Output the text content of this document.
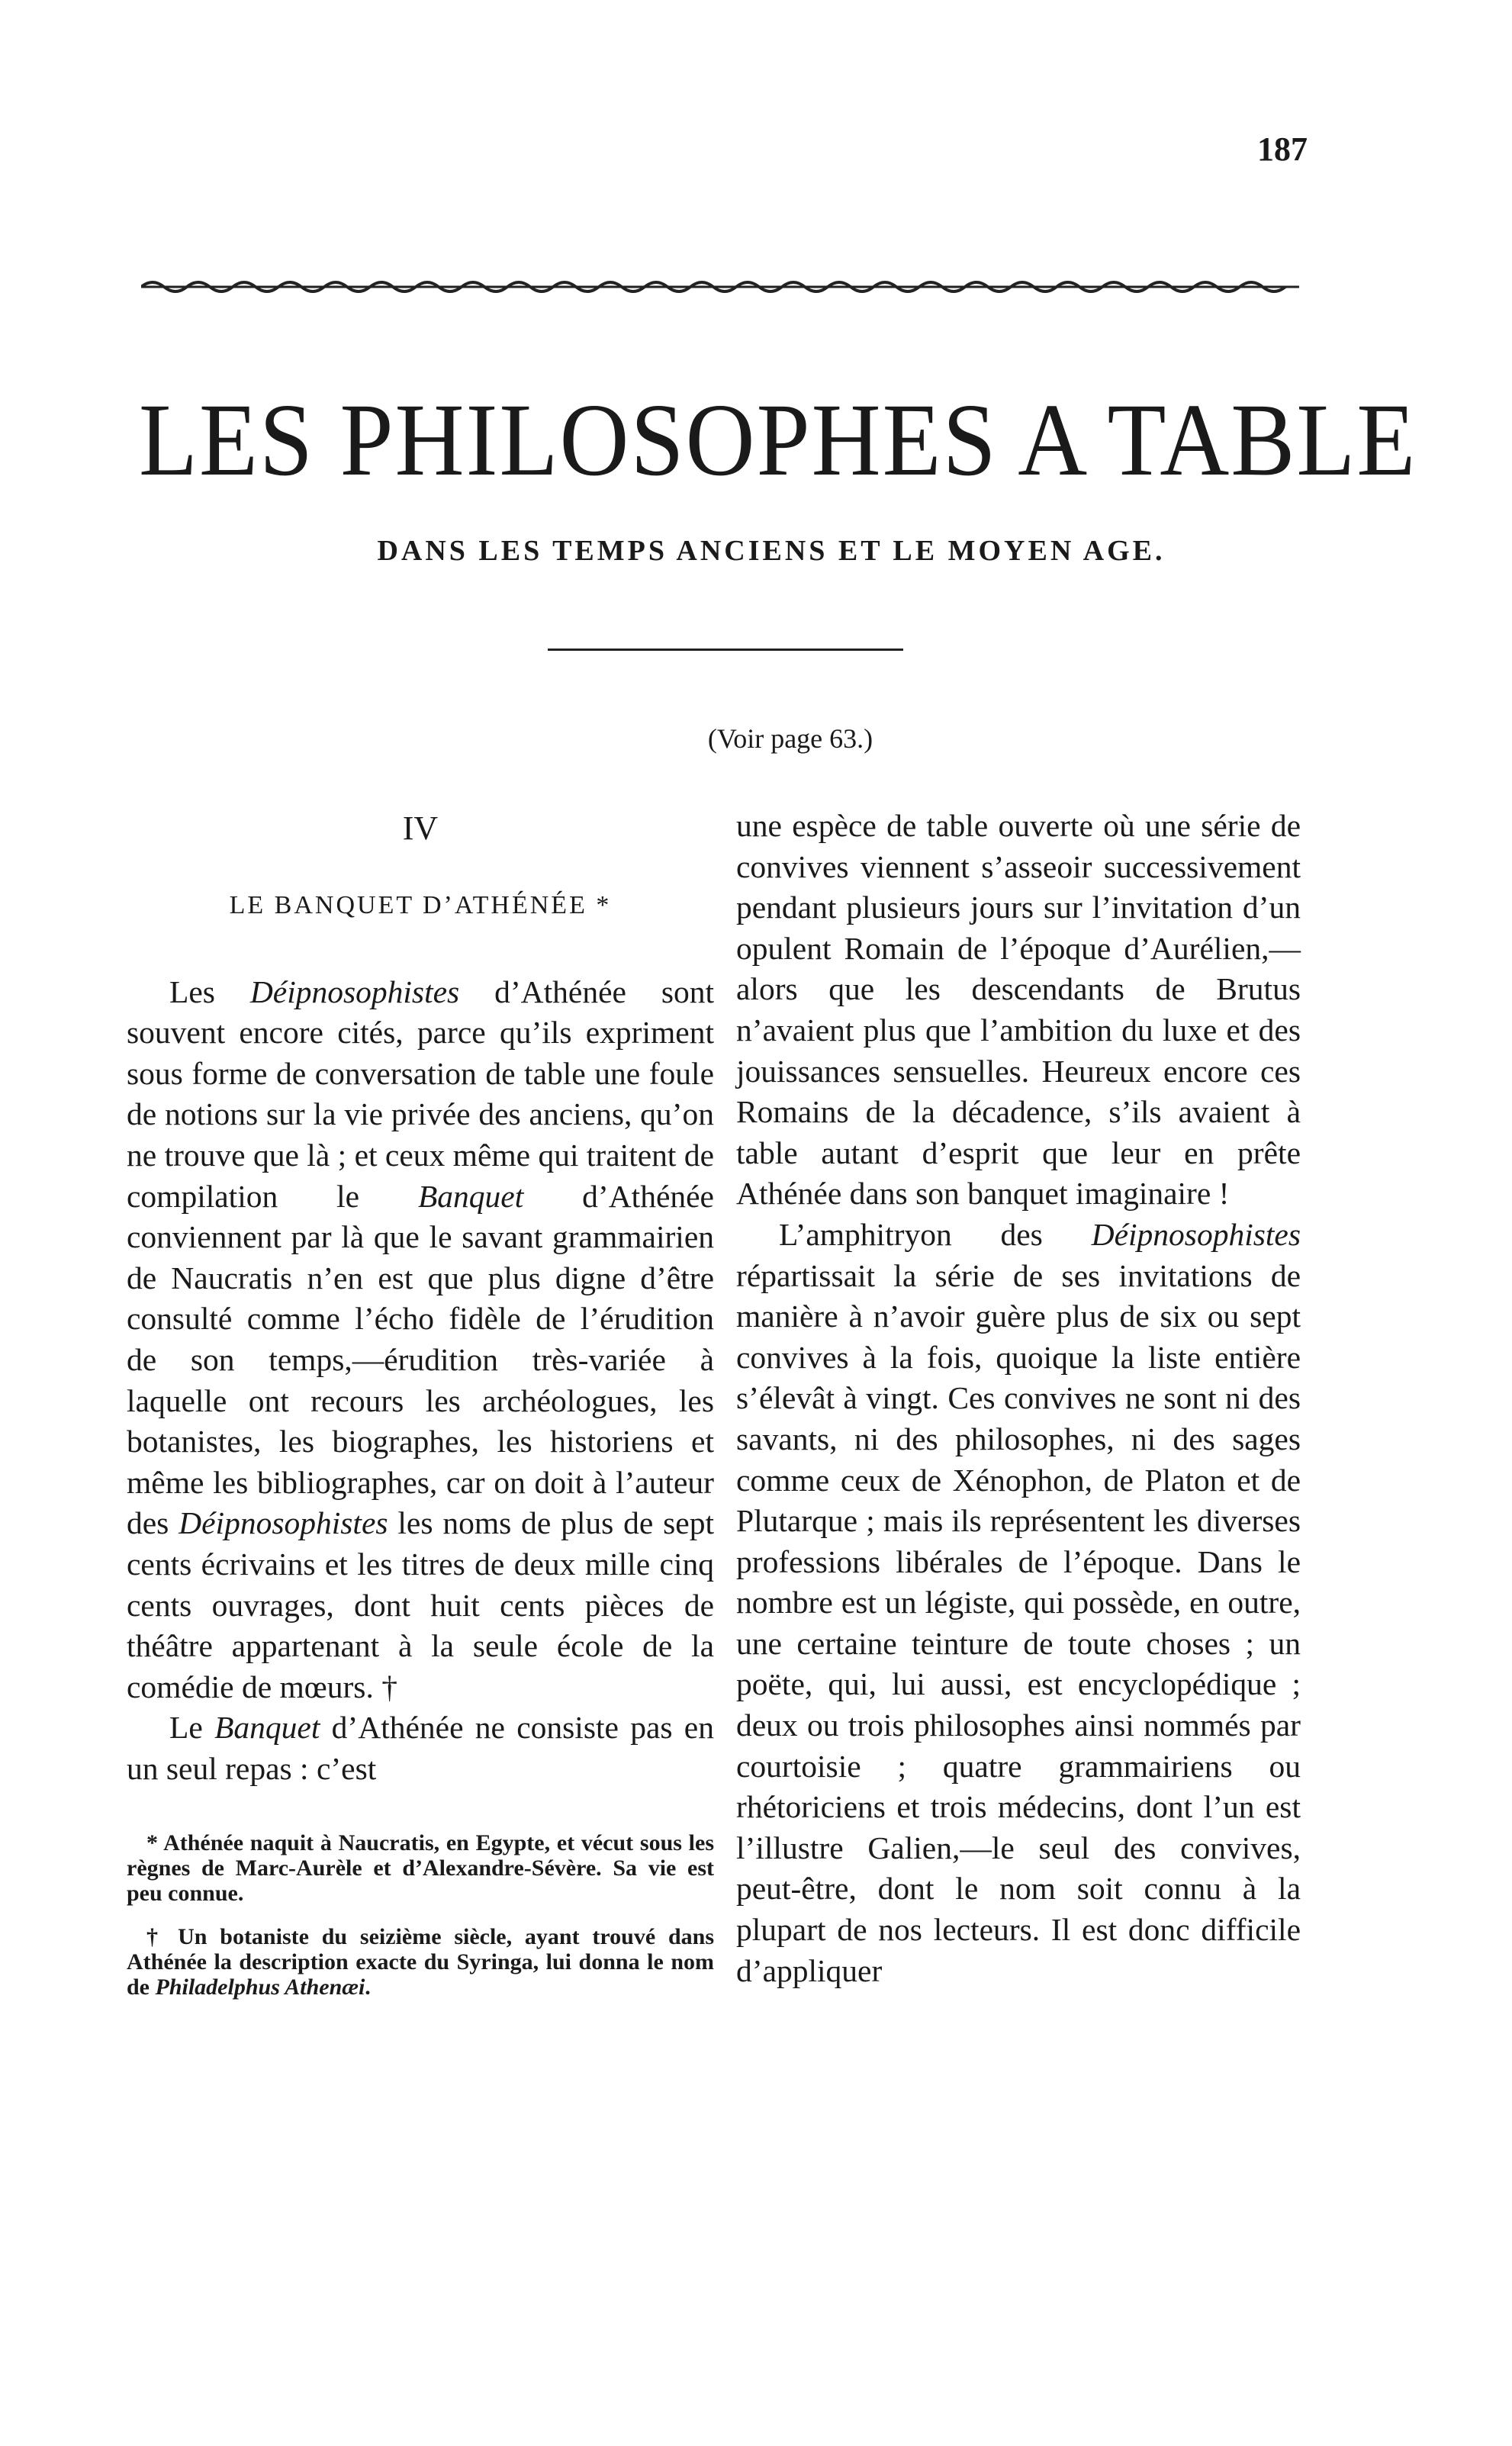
187
LES PHILOSOPHES A TABLE
DANS LES TEMPS ANCIENS ET LE MOYEN AGE.
(Voir page 63.)
IV
LE BANQUET D’ATHÉNÉE *

Les Déipnosophistes d’Athénée sont souvent encore cités, parce qu’ils expriment sous forme de conversation de table une foule de notions sur la vie privée des anciens, qu’on ne trouve que là ; et ceux même qui traitent de compilation le Banquet d’Athénée conviennent par là que le savant grammairien de Naucratis n’en est que plus digne d’être consulté comme l’écho fidèle de l’érudition de son temps,—érudition très-variée à laquelle ont recours les archéologues, les botanistes, les biographes, les historiens et même les bibliographes, car on doit à l’auteur des Déipnosophistes les noms de plus de sept cents écrivains et les titres de deux mille cinq cents ouvrages, dont huit cents pièces de théâtre appartenant à la seule école de la comédie de mœurs. †

Le Banquet d’Athénée ne consiste pas en un seul repas : c’est

* Athénée naquit à Naucratis, en Egypte, et vécut sous les règnes de Marc-Aurèle et d’Alexandre-Sévère. Sa vie est peu connue.

† Un botaniste du seizième siècle, ayant trouvé dans Athénée la description exacte du Syringa, lui donna le nom de Philadelphus Athenæi.

une espèce de table ouverte où une série de convives viennent s’asseoir successivement pendant plusieurs jours sur l’invitation d’un opulent Romain de l’époque d’Aurélien,— alors que les descendants de Brutus n’avaient plus que l’ambition du luxe et des jouissances sensuelles. Heureux encore ces Romains de la décadence, s’ils avaient à table autant d’esprit que leur en prête Athénée dans son banquet imaginaire !

L’amphitryon des Déipnosophistes répartissait la série de ses invitations de manière à n’avoir guère plus de six ou sept convives à la fois, quoique la liste entière s’élevât à vingt. Ces convives ne sont ni des savants, ni des philosophes, ni des sages comme ceux de Xénophon, de Platon et de Plutarque ; mais ils représentent les diverses professions libérales de l’époque. Dans le nombre est un légiste, qui possède, en outre, une certaine teinture de toute choses ; un poëte, qui, lui aussi, est encyclopédique ; deux ou trois philosophes ainsi nommés par courtoisie ; quatre grammairiens ou rhétoriciens et trois médecins, dont l’un est l’illustre Galien,—le seul des convives, peut-être, dont le nom soit connu à la plupart de nos lecteurs. Il est donc difficile d’appliquer
